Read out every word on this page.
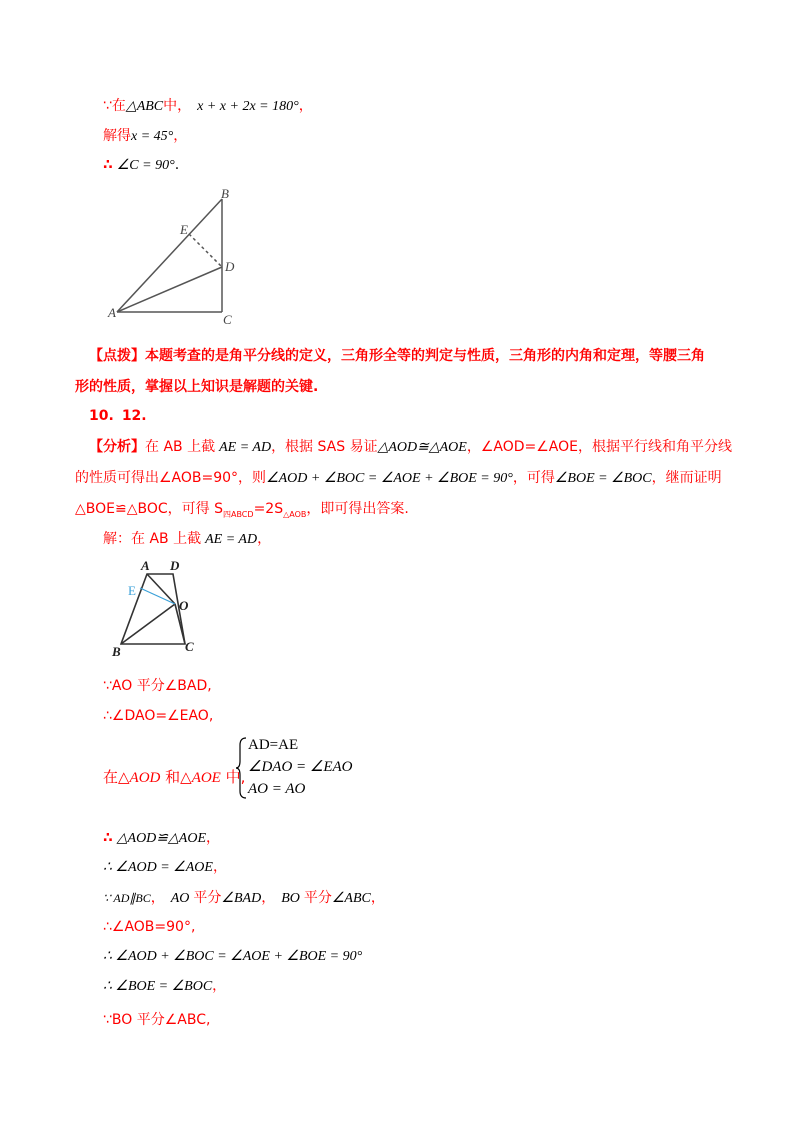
∵在△ABC中， x + x + 2x = 180°，
解得x = 45°，
∴ ∠C = 90°.
B
E
D
A	C
【点拨】本题考查的是角平分线的定义，三角形全等的判定与性质，三角形的内角和定理，等腰三角
形的性质，掌握以上知识是解题的关键.
10. 12.
【分析】在 AB 上截 AE = AD，根据 SAS 易证△AOD≅△AOE，∠AOD=∠AOE，根据平行线和角平分线
的性质可得出∠AOB=90°，则∠AOD + ∠BOC = ∠AOE + ∠BOE = 90°，可得∠BOE = ∠BOC，继而证明
△BOE≌△BOC，可得 $S_{四ABCD}=2S_{\triangle AOB}$，即可得出答案.
解：在 AB 上截 AE = AD，
A D
E
O
B	C
∵AO 平分∠BAD,
∴∠DAO=∠EAO,
在△AOD 和△AOE 中,
AD=AE
∠DAO = ∠EAO
AO = AO
∴ △AOD≌△AOE，
∴ ∠AOD = ∠AOE，
∵ AD∥BC， AO 平分∠BAD， BO 平分∠ABC，
∴∠AOB=90°,
∴ ∠AOD + ∠BOC = ∠AOE + ∠BOE = 90°
∴ ∠BOE = ∠BOC，
∵BO 平分∠ABC,
